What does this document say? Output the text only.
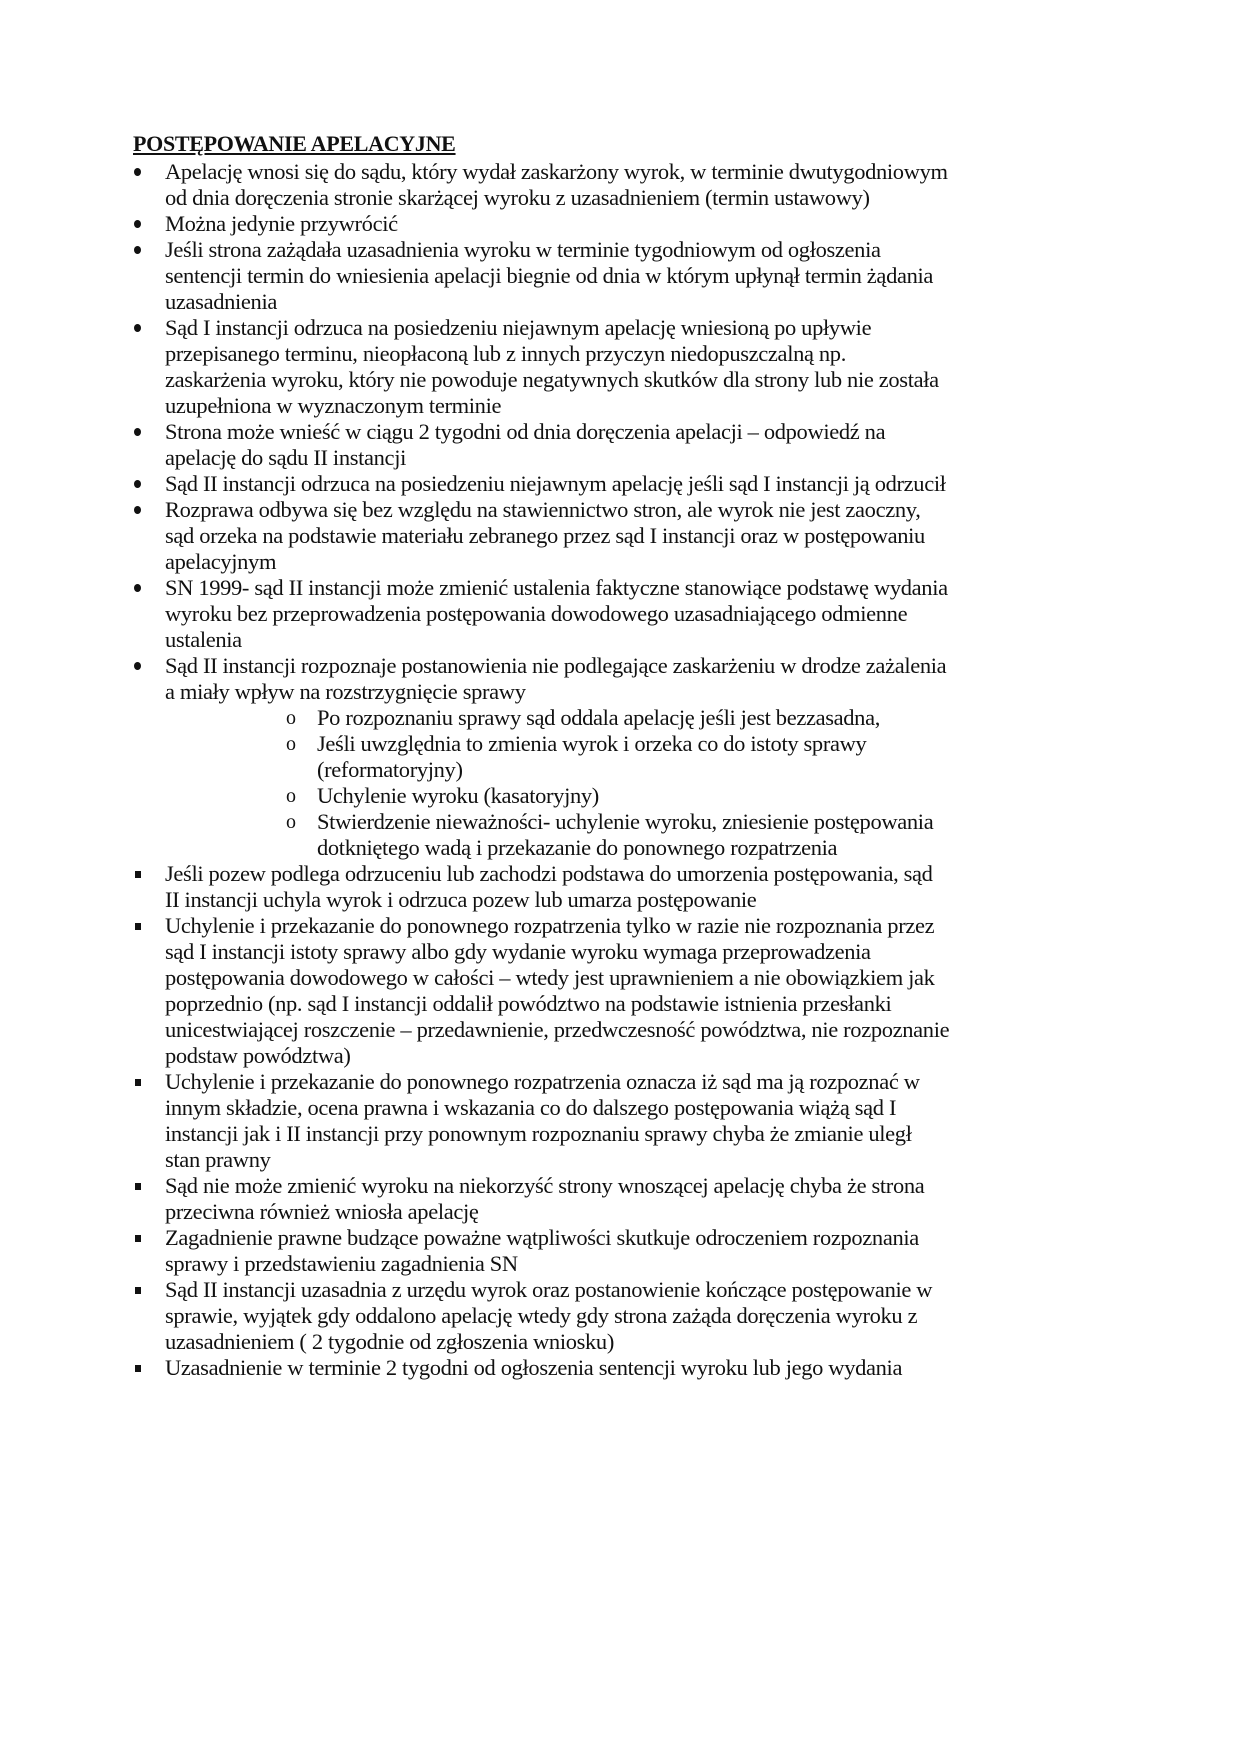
POSTĘPOWANIE APELACYJNE
Apelację wnosi się do sądu, który wydał zaskarżony wyrok, w terminie dwutygodniowym
od dnia doręczenia stronie skarżącej wyroku z uzasadnieniem (termin ustawowy)
Można jedynie przywrócić
Jeśli strona zażądała uzasadnienia wyroku w terminie tygodniowym od ogłoszenia
sentencji termin do wniesienia apelacji biegnie od dnia w którym upłynął termin żądania
uzasadnienia
Sąd I instancji odrzuca na posiedzeniu niejawnym apelację wniesioną po upływie
przepisanego terminu, nieopłaconą lub z innych przyczyn niedopuszczalną np.
zaskarżenia wyroku, który nie powoduje negatywnych skutków dla strony lub nie została
uzupełniona w wyznaczonym terminie
Strona może wnieść w ciągu 2 tygodni od dnia doręczenia apelacji – odpowiedź na
apelację do sądu II instancji
Sąd II instancji odrzuca na posiedzeniu niejawnym apelację jeśli sąd I instancji ją odrzucił
Rozprawa odbywa się bez względu na stawiennictwo stron, ale wyrok nie jest zaoczny,
sąd orzeka na podstawie materiału zebranego przez sąd I instancji oraz w postępowaniu
apelacyjnym
SN 1999- sąd II instancji może zmienić ustalenia faktyczne stanowiące podstawę wydania
wyroku bez przeprowadzenia postępowania dowodowego uzasadniającego odmienne
ustalenia
Sąd II instancji rozpoznaje postanowienia nie podlegające zaskarżeniu w drodze zażalenia
a miały wpływ na rozstrzygnięcie sprawy
o
Po rozpoznaniu sprawy sąd oddala apelację jeśli jest bezzasadna,
o
Jeśli uwzględnia to zmienia wyrok i orzeka co do istoty sprawy
(reformatoryjny)
o
Uchylenie wyroku (kasatoryjny)
o
Stwierdzenie nieważności- uchylenie wyroku, zniesienie postępowania
dotkniętego wadą i przekazanie do ponownego rozpatrzenia
Jeśli pozew podlega odrzuceniu lub zachodzi podstawa do umorzenia postępowania, sąd
II instancji uchyla wyrok i odrzuca pozew lub umarza postępowanie
Uchylenie i przekazanie do ponownego rozpatrzenia tylko w razie nie rozpoznania przez
sąd I instancji istoty sprawy albo gdy wydanie wyroku wymaga przeprowadzenia
postępowania dowodowego w całości – wtedy jest uprawnieniem a nie obowiązkiem jak
poprzednio (np. sąd I instancji oddalił powództwo na podstawie istnienia przesłanki
unicestwiającej roszczenie – przedawnienie, przedwczesność powództwa, nie rozpoznanie
podstaw powództwa)
Uchylenie i przekazanie do ponownego rozpatrzenia oznacza iż sąd ma ją rozpoznać w
innym składzie, ocena prawna i wskazania co do dalszego postępowania wiążą sąd I
instancji jak i II instancji przy ponownym rozpoznaniu sprawy chyba że zmianie uległ
stan prawny
Sąd nie może zmienić wyroku na niekorzyść strony wnoszącej apelację chyba że strona
przeciwna również wniosła apelację
Zagadnienie prawne budzące poważne wątpliwości skutkuje odroczeniem rozpoznania
sprawy i przedstawieniu zagadnienia SN
Sąd II instancji uzasadnia z urzędu wyrok oraz postanowienie kończące postępowanie w
sprawie, wyjątek gdy oddalono apelację wtedy gdy strona zażąda doręczenia wyroku z
uzasadnieniem ( 2 tygodnie od zgłoszenia wniosku)
Uzasadnienie w terminie 2 tygodni od ogłoszenia sentencji wyroku lub jego wydania
